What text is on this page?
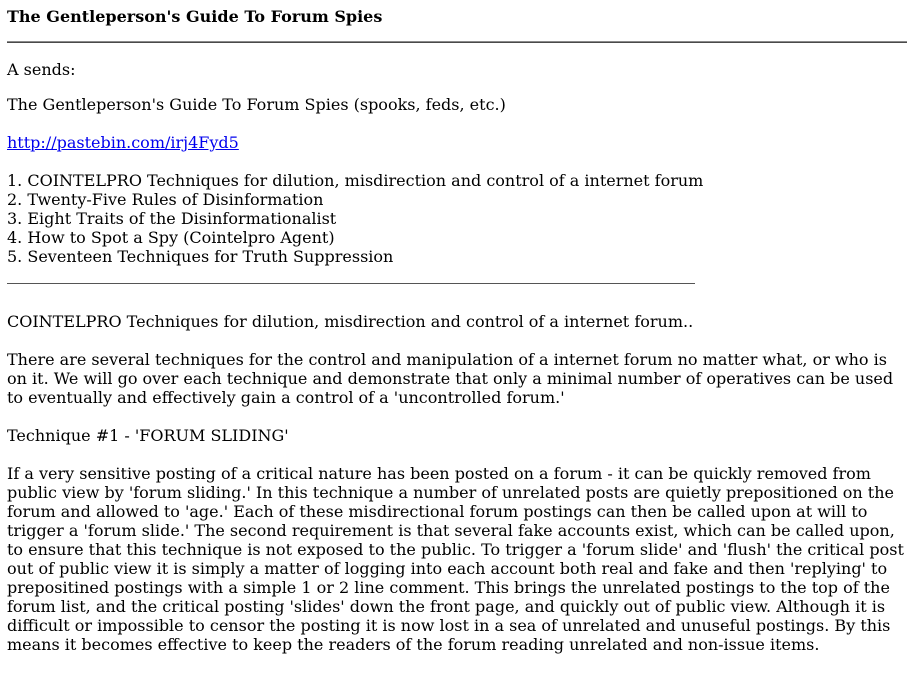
The Gentleperson's Guide To Forum Spies
A sends:
The Gentleperson's Guide To Forum Spies (spooks, feds, etc.)
http://pastebin.com/irj4Fyd5
1. COINTELPRO Techniques for dilution, misdirection and control of a internet forum
2. Twenty-Five Rules of Disinformation
3. Eight Traits of the Disinformationalist
4. How to Spot a Spy (Cointelpro Agent)
5. Seventeen Techniques for Truth Suppression
COINTELPRO Techniques for dilution, misdirection and control of a internet forum..
There are several techniques for the control and manipulation of a internet forum no matter what, or who is
on it. We will go over each technique and demonstrate that only a minimal number of operatives can be used
to eventually and effectively gain a control of a 'uncontrolled forum.'
Technique #1 - 'FORUM SLIDING'
If a very sensitive posting of a critical nature has been posted on a forum - it can be quickly removed from
public view by 'forum sliding.' In this technique a number of unrelated posts are quietly prepositioned on the
forum and allowed to 'age.' Each of these misdirectional forum postings can then be called upon at will to
trigger a 'forum slide.' The second requirement is that several fake accounts exist, which can be called upon,
to ensure that this technique is not exposed to the public. To trigger a 'forum slide' and 'flush' the critical post
out of public view it is simply a matter of logging into each account both real and fake and then 'replying' to
prepositined postings with a simple 1 or 2 line comment. This brings the unrelated postings to the top of the
forum list, and the critical posting 'slides' down the front page, and quickly out of public view. Although it is
difficult or impossible to censor the posting it is now lost in a sea of unrelated and unuseful postings. By this
means it becomes effective to keep the readers of the forum reading unrelated and non-issue items.
